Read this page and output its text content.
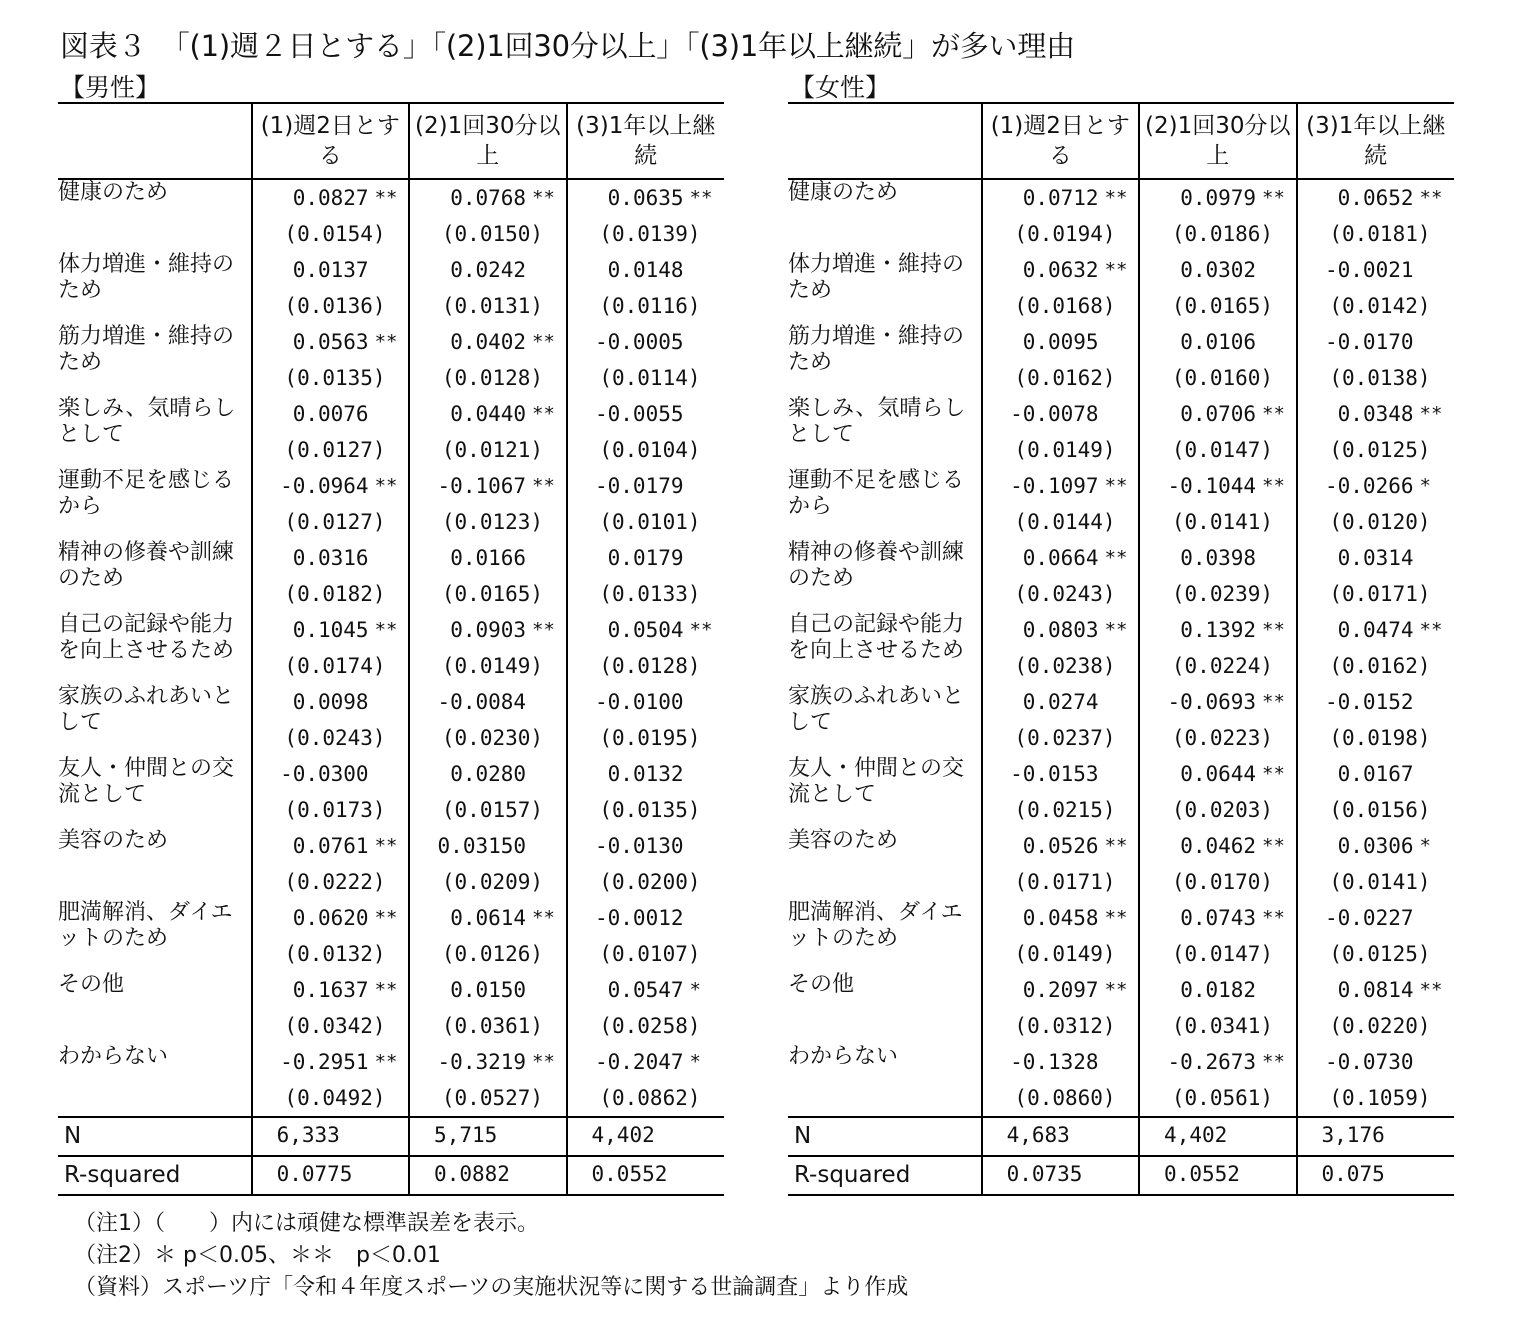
図表３　「(1)週２日とする」「(2)1回30分以上」「(3)1年以上継続」が多い理由
【男性】	【女性】
	(1)週2日とする	(2)1回30分以上	(3)1年以上継続
健康のため	0.0827 **	0.0768 **	0.0635 **

	(0.0154)	(0.0150)	(0.0139)
体力増進・維持のため	0.0137	0.0242	0.0148

	(0.0136)	(0.0131)	(0.0116)
筋力増進・維持のため	0.0563 **	0.0402 **	-0.0005

	(0.0135)	(0.0128)	(0.0114)
楽しみ、気晴らしとして	0.0076	0.0440 **	-0.0055

	(0.0127)	(0.0121)	(0.0104)
運動不足を感じるから	-0.0964 **	-0.1067 **	-0.0179

	(0.0127)	(0.0123)	(0.0101)
精神の修養や訓練のため	0.0316	0.0166	0.0179

	(0.0182)	(0.0165)	(0.0133)
自己の記録や能力を向上させるため	0.1045 **	0.0903 **	0.0504 **

	(0.0174)	(0.0149)	(0.0128)
家族のふれあいとして	0.0098	-0.0084	-0.0100

	(0.0243)	(0.0230)	(0.0195)
友人・仲間との交流として	-0.0300	0.0280	0.0132

	(0.0173)	(0.0157)	(0.0135)
美容のため	0.0761 **	0.03150	-0.0130

	(0.0222)	(0.0209)	(0.0200)
肥満解消、ダイエットのため	0.0620 **	0.0614 **	-0.0012

	(0.0132)	(0.0126)	(0.0107)
その他	0.1637 **	0.0150	0.0547 *

	(0.0342)	(0.0361)	(0.0258)
わからない	-0.2951 **	-0.3219 **	-0.2047 *

	(0.0492)	(0.0527)	(0.0862)
N	6,333	5,715	4,402
R-squared	0.0775	0.0882	0.0552
	(1)週2日とする	(2)1回30分以上	(3)1年以上継続
健康のため	0.0712 **	0.0979 **	0.0652 **

	(0.0194)	(0.0186)	(0.0181)
体力増進・維持のため	0.0632 **	0.0302	-0.0021

	(0.0168)	(0.0165)	(0.0142)
筋力増進・維持のため	0.0095	0.0106	-0.0170

	(0.0162)	(0.0160)	(0.0138)
楽しみ、気晴らしとして	-0.0078	0.0706 **	0.0348 **

	(0.0149)	(0.0147)	(0.0125)
運動不足を感じるから	-0.1097 **	-0.1044 **	-0.0266 *

	(0.0144)	(0.0141)	(0.0120)
精神の修養や訓練のため	0.0664 **	0.0398	0.0314

	(0.0243)	(0.0239)	(0.0171)
自己の記録や能力を向上させるため	0.0803 **	0.1392 **	0.0474 **

	(0.0238)	(0.0224)	(0.0162)
家族のふれあいとして	0.0274	-0.0693 **	-0.0152

	(0.0237)	(0.0223)	(0.0198)
友人・仲間との交流として	-0.0153	0.0644 **	0.0167

	(0.0215)	(0.0203)	(0.0156)
美容のため	0.0526 **	0.0462 **	0.0306 *

	(0.0171)	(0.0170)	(0.0141)
肥満解消、ダイエットのため	0.0458 **	0.0743 **	-0.0227

	(0.0149)	(0.0147)	(0.0125)
その他	0.2097 **	0.0182	0.0814 **

	(0.0312)	(0.0341)	(0.0220)
わからない	-0.1328	-0.2673 **	-0.0730

	(0.0860)	(0.0561)	(0.1059)
N	4,683	4,402	3,176
R-squared	0.0735	0.0552	0.075
（注1）（　　）内には頑健な標準誤差を表示。
（注2）＊ p＜0.05、＊＊　p＜0.01
（資料）スポーツ庁「令和４年度スポーツの実施状況等に関する世論調査」より作成
